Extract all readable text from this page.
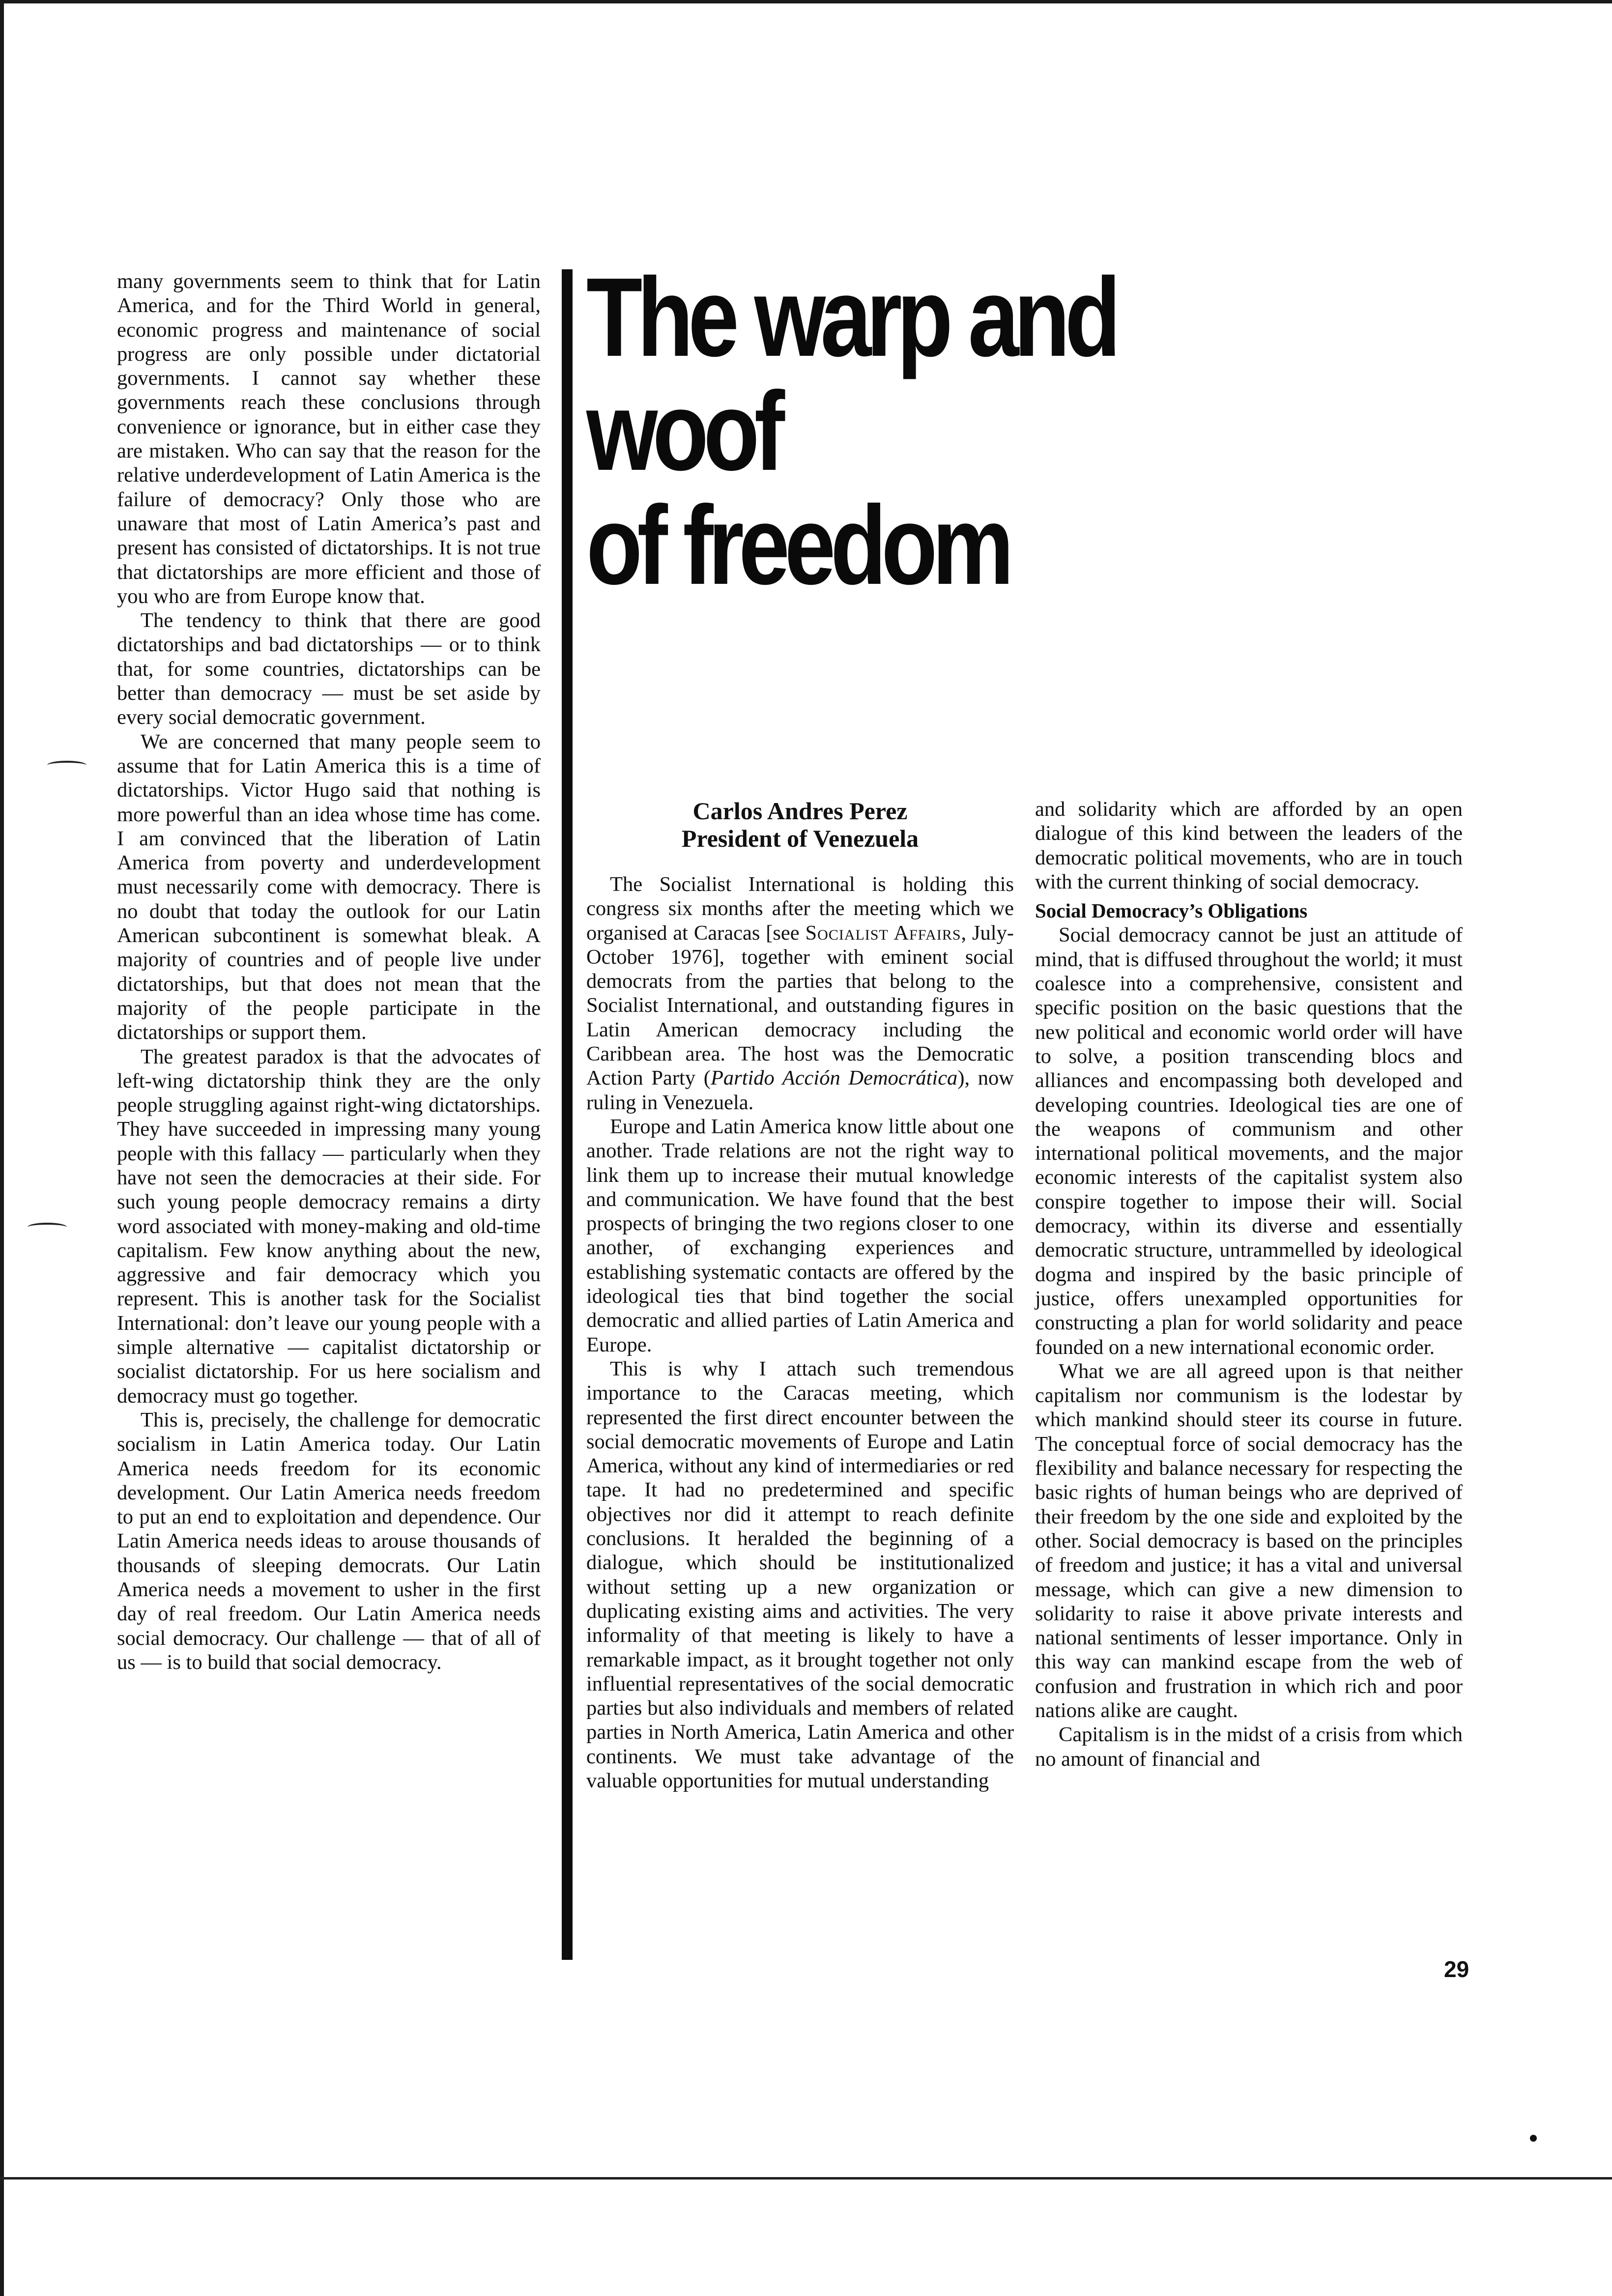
many governments seem to think that for Latin America, and for the Third World in general, economic progress and maintenance of social progress are only possible under dictatorial governments. I cannot say whether these governments reach these conclusions through convenience or ignorance, but in either case they are mistaken. Who can say that the reason for the relative underdevelopment of Latin America is the failure of democracy? Only those who are unaware that most of Latin America’s past and present has consisted of dictatorships. It is not true that dictatorships are more efficient and those of you who are from Europe know that.

The tendency to think that there are good dictatorships and bad dictatorships — or to think that, for some countries, dictatorships can be better than democracy — must be set aside by every social democratic government.

We are concerned that many people seem to assume that for Latin America this is a time of dictatorships. Victor Hugo said that nothing is more powerful than an idea whose time has come. I am convinced that the liberation of Latin America from poverty and underdevelopment must necessarily come with democracy. There is no doubt that today the outlook for our Latin American subcontinent is somewhat bleak. A majority of countries and of people live under dictatorships, but that does not mean that the majority of the people participate in the dictatorships or support them.

The greatest paradox is that the advocates of left-wing dictatorship think they are the only people struggling against right-wing dictatorships. They have succeeded in impressing many young people with this fallacy — particularly when they have not seen the democracies at their side. For such young people democracy remains a dirty word associated with money-making and old-time capitalism. Few know anything about the new, aggressive and fair democracy which you represent. This is another task for the Socialist International: don’t leave our young people with a simple alternative — capitalist dictatorship or socialist dictatorship. For us here socialism and democracy must go together.

This is, precisely, the challenge for democratic socialism in Latin America today. Our Latin America needs freedom for its economic development. Our Latin America needs freedom to put an end to exploitation and dependence. Our Latin America needs ideas to arouse thousands of thousands of sleeping democrats. Our Latin America needs a movement to usher in the first day of real freedom. Our Latin America needs social democracy. Our challenge — that of all of us — is to build that social democracy.

The warp and woof
of freedom
Carlos Andres Perez
President of Venezuela

The Socialist International is holding this congress six months after the meeting which we organised at Caracas [see Socialist Affairs, July-October 1976], together with eminent social democrats from the parties that belong to the Socialist International, and outstanding figures in Latin American democracy including the Caribbean area. The host was the Democratic Action Party (Partido Acción Democrática), now ruling in Venezuela.

Europe and Latin America know little about one another. Trade relations are not the right way to link them up to increase their mutual knowledge and communication. We have found that the best prospects of bringing the two regions closer to one another, of exchanging experiences and establishing systematic contacts are offered by the ideological ties that bind together the social democratic and allied parties of Latin America and Europe.

This is why I attach such tremendous importance to the Caracas meeting, which represented the first direct encounter between the social democratic movements of Europe and Latin America, without any kind of intermediaries or red tape. It had no predetermined and specific objectives nor did it attempt to reach definite conclusions. It heralded the beginning of a dialogue, which should be institutionalized without setting up a new organization or duplicating existing aims and activities. The very informality of that meeting is likely to have a remarkable impact, as it brought together not only influential representatives of the social democratic parties but also individuals and members of related parties in North America, Latin America and other continents. We must take advantage of the valuable opportunities for mutual understanding

and solidarity which are afforded by an open dialogue of this kind between the leaders of the democratic political movements, who are in touch with the current thinking of social democracy.

Social Democracy’s Obligations

Social democracy cannot be just an attitude of mind, that is diffused throughout the world; it must coalesce into a comprehensive, consistent and specific position on the basic questions that the new political and economic world order will have to solve, a position transcending blocs and alliances and encompassing both developed and developing countries. Ideological ties are one of the weapons of communism and other international political movements, and the major economic interests of the capitalist system also conspire together to impose their will. Social democracy, within its diverse and essentially democratic structure, untrammelled by ideological dogma and inspired by the basic principle of justice, offers unexampled opportunities for constructing a plan for world solidarity and peace founded on a new international economic order.

What we are all agreed upon is that neither capitalism nor communism is the lodestar by which mankind should steer its course in future. The conceptual force of social democracy has the flexibility and balance necessary for respecting the basic rights of human beings who are deprived of their freedom by the one side and exploited by the other. Social democracy is based on the principles of freedom and justice; it has a vital and universal message, which can give a new dimension to solidarity to raise it above private interests and national sentiments of lesser importance. Only in this way can mankind escape from the web of confusion and frustration in which rich and poor nations alike are caught.

Capitalism is in the midst of a crisis from which no amount of financial and

29
